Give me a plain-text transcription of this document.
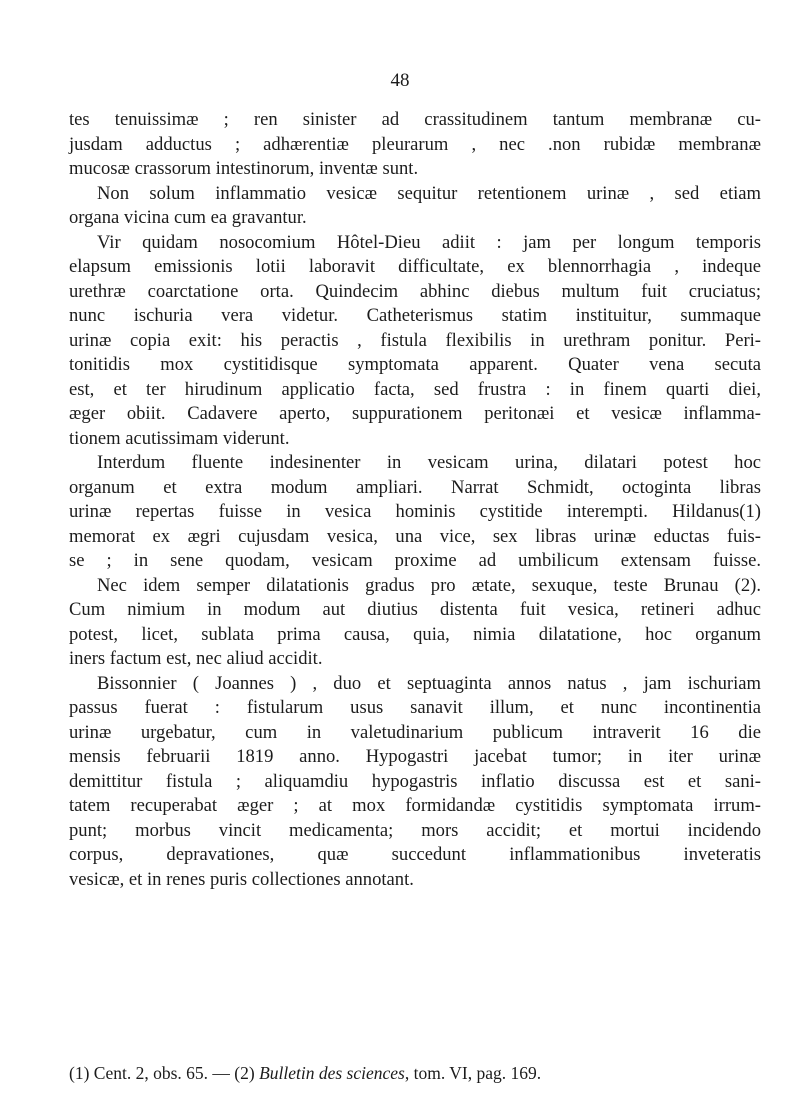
48
tes tenuissimæ ; ren sinister ad crassitudinem tantum membranæ cu-
jusdam adductus ; adhærentiæ pleurarum , nec .non rubidæ membranæ
mucosæ crassorum intestinorum, inventæ sunt.
Non solum inflammatio vesicæ sequitur retentionem urinæ , sed etiam
organa vicina cum ea gravantur.
Vir quidam nosocomium Hôtel-Dieu adiit : jam per longum temporis
elapsum emissionis lotii laboravit difficultate, ex blennorrhagia , indeque
urethræ coarctatione orta. Quindecim abhinc diebus multum fuit cruciatus;
nunc ischuria vera videtur. Catheterismus statim instituitur, summaque
urinæ copia exit: his peractis , fistula flexibilis in urethram ponitur. Peri-
tonitidis mox cystitidisque symptomata apparent. Quater vena secuta
est, et ter hirudinum applicatio facta, sed frustra : in finem quarti diei,
æger obiit. Cadavere aperto, suppurationem peritonæi et vesicæ inflamma-
tionem acutissimam viderunt.
Interdum fluente indesinenter in vesicam urina, dilatari potest hoc
organum et extra modum ampliari. Narrat Schmidt, octoginta libras
urinæ repertas fuisse in vesica hominis cystitide interempti. Hildanus(1)
memorat ex ægri cujusdam vesica, una vice, sex libras urinæ eductas fuis-
se ; in sene quodam, vesicam proxime ad umbilicum extensam fuisse.
Nec idem semper dilatationis gradus pro ætate, sexuque, teste Brunau (2).
Cum nimium in modum aut diutius distenta fuit vesica, retineri adhuc
potest, licet, sublata prima causa, quia, nimia dilatatione, hoc organum
iners factum est, nec aliud accidit.
Bissonnier ( Joannes ) , duo et septuaginta annos natus , jam ischuriam
passus fuerat : fistularum usus sanavit illum, et nunc incontinentia
urinæ urgebatur, cum in valetudinarium publicum intraverit 16 die
mensis februarii 1819 anno. Hypogastri jacebat tumor; in iter urinæ
demittitur fistula ; aliquamdiu hypogastris inflatio discussa est et sani-
tatem recuperabat æger ; at mox formidandæ cystitidis symptomata irrum-
punt; morbus vincit medicamenta; mors accidit; et mortui incidendo
corpus, depravationes, quæ succedunt inflammationibus inveteratis
vesicæ, et in renes puris collectiones annotant.
(1) Cent. 2, obs. 65. — (2) Bulletin des sciences, tom. VI, pag. 169.
